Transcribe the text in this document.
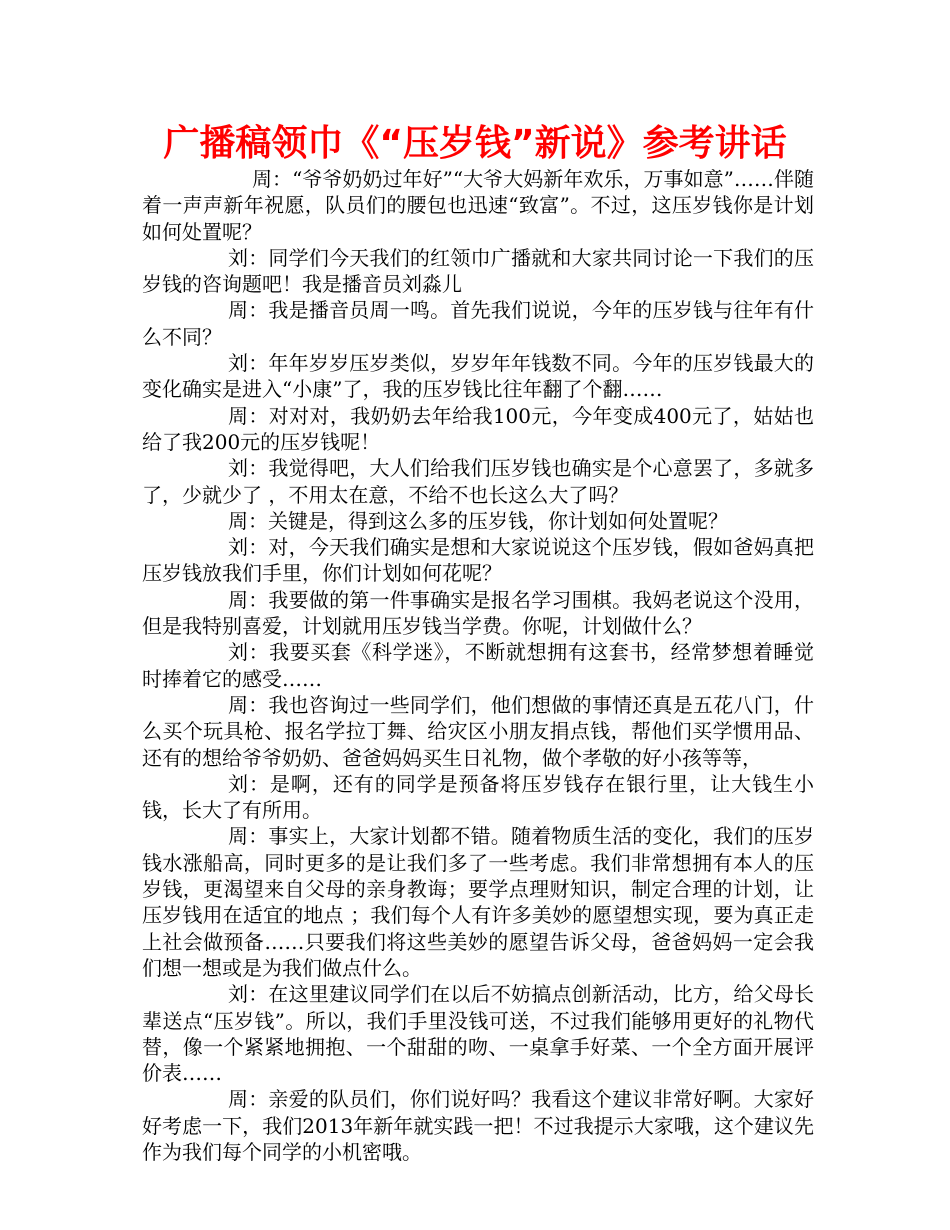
广播稿领巾《“压岁钱”新说》参考讲话

周：“爷爷奶奶过年好”“大爷大妈新年欢乐，万事如意”……伴随着一声声新年祝愿，队员们的腰包也迅速“致富”。不过，这压岁钱你是计划如何处置呢？

刘：同学们今天我们的红领巾广播就和大家共同讨论一下我们的压岁钱的咨询题吧！我是播音员刘淼儿

周：我是播音员周一鸣。首先我们说说，今年的压岁钱与往年有什么不同？

刘：年年岁岁压岁类似，岁岁年年钱数不同。今年的压岁钱最大的变化确实是进入“小康”了，我的压岁钱比往年翻了个翻……

周：对对对，我奶奶去年给我100元，今年变成400元了，姑姑也给了我200元的压岁钱呢！

刘：我觉得吧，大人们给我们压岁钱也确实是个心意罢了，多就多了，少就少了 ，不用太在意，不给不也长这么大了吗？

周：关键是，得到这么多的压岁钱，你计划如何处置呢？

刘：对，今天我们确实是想和大家说说这个压岁钱，假如爸妈真把压岁钱放我们手里，你们计划如何花呢？

周：我要做的第一件事确实是报名学习围棋。我妈老说这个没用，但是我特别喜爱，计划就用压岁钱当学费。你呢，计划做什么？

刘：我要买套《科学迷》，不断就想拥有这套书，经常梦想着睡觉时捧着它的感受……

周：我也咨询过一些同学们，他们想做的事情还真是五花八门，什么买个玩具枪、报名学拉丁舞、给灾区小朋友捐点钱，帮他们买学惯用品、还有的想给爷爷奶奶、爸爸妈妈买生日礼物，做个孝敬的好小孩等等，

刘：是啊，还有的同学是预备将压岁钱存在银行里，让大钱生小钱，长大了有所用。

周：事实上，大家计划都不错。随着物质生活的变化，我们的压岁钱水涨船高，同时更多的是让我们多了一些考虑。我们非常想拥有本人的压岁钱，更渴望来自父母的亲身教诲；要学点理财知识，制定合理的计划，让压岁钱用在适宜的地点 ；我们每个人有许多美妙的愿望想实现，要为真正走上社会做预备……只要我们将这些美妙的愿望告诉父母，爸爸妈妈一定会我们想一想或是为我们做点什么。

刘：在这里建议同学们在以后不妨搞点创新活动，比方，给父母长辈送点“压岁钱”。所以，我们手里没钱可送，不过我们能够用更好的礼物代替，像一个紧紧地拥抱、一个甜甜的吻、一桌拿手好菜、一个全方面开展评价表……

周：亲爱的队员们，你们说好吗？我看这个建议非常好啊。大家好好考虑一下，我们2013年新年就实践一把！不过我提示大家哦，这个建议先作为我们每个同学的小机密哦。
